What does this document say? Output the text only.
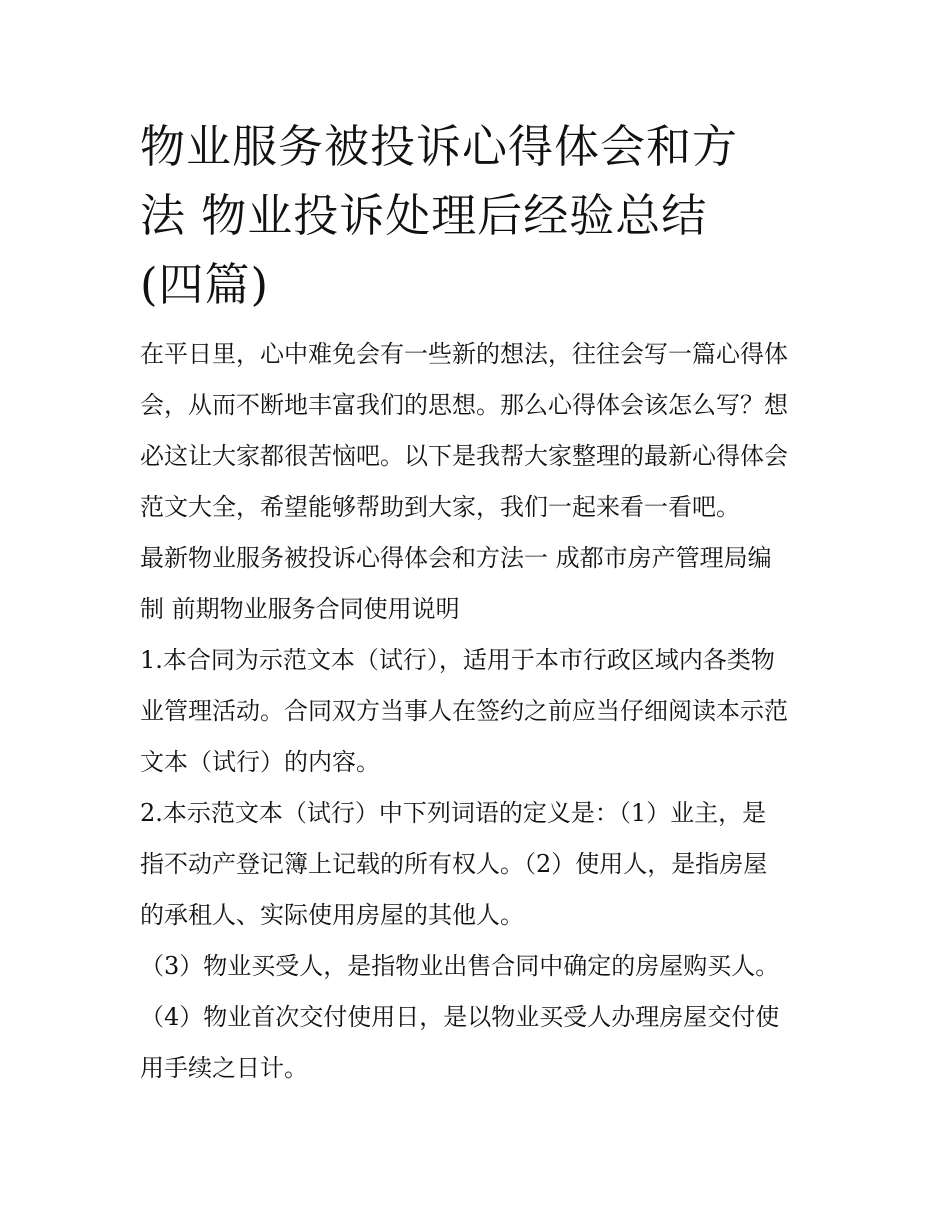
物业服务被投诉心得体会和方
法 物业投诉处理后经验总结
(四篇)

在平日里，心中难免会有一些新的想法，往往会写一篇心得体
会，从而不断地丰富我们的思想。那么心得体会该怎么写？想
必这让大家都很苦恼吧。以下是我帮大家整理的最新心得体会
范文大全，希望能够帮助到大家，我们一起来看一看吧。

最新物业服务被投诉心得体会和方法一 成都市房产管理局编
制 前期物业服务合同使用说明

1.本合同为示范文本（试行），适用于本市行政区域内各类物
业管理活动。合同双方当事人在签约之前应当仔细阅读本示范
文本（试行）的内容。

2.本示范文本（试行）中下列词语的定义是：（1）业主，是
指不动产登记簿上记载的所有权人。（2）使用人，是指房屋
的承租人、实际使用房屋的其他人。

（3）物业买受人，是指物业出售合同中确定的房屋购买人。

（4）物业首次交付使用日，是以物业买受人办理房屋交付使
用手续之日计。
